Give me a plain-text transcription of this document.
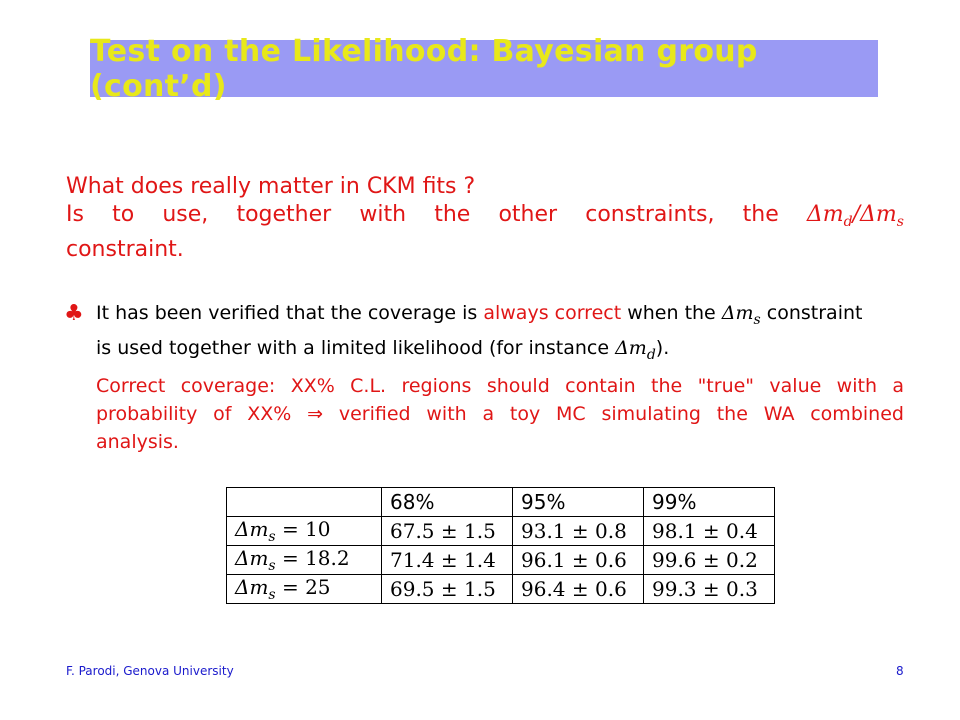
Test on the Likelihood: Bayesian group (cont’d)
What does really matter in CKM fits ?
Is to use, together with the other constraints, the $\Delta m_d/\Delta m_s$
constraint.
♣ It has been verified that the coverage is always correct when the $\Delta m_s$ constraint
is used together with a limited likelihood (for instance $\Delta m_d$).
Correct coverage: XX% C.L. regions should contain the "true" value with a
probability of XX% ⇒ verified with a toy MC simulating the WA combined
analysis.
	68%	95%	99%
$\Delta m_s = 10$	67.5 ± 1.5	93.1 ± 0.8	98.1 ± 0.4
$\Delta m_s = 18.2$	71.4 ± 1.4	96.1 ± 0.6	99.6 ± 0.2
$\Delta m_s = 25$	69.5 ± 1.5	96.4 ± 0.6	99.3 ± 0.3
F. Parodi, Genova University	8
